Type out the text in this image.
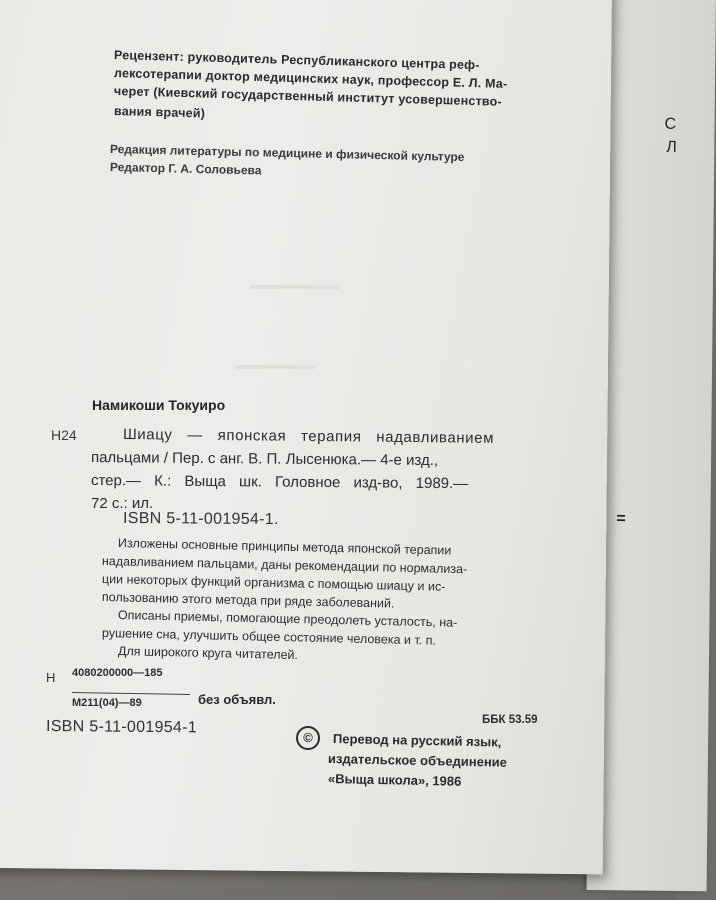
С
Л
=
Рецензент: руководитель Республиканского центра реф-
лексотерапии доктор медицинских наук, профессор Е. Л. Ма-
черет (Киевский государственный институт усовершенство-
вания врачей)
Редакция литературы по медицине и физической культуре
Редактор Г. А. Соловьева
Намикоши Токуиро
Н24	Шиацу — японская терапия надавливанием
пальцами / Пер. с анг. В. П. Лысенюка.— 4-е изд.,
стер.— К.: Выща шк. Головное изд-во, 1989.—
72 с.: ил.
ISBN 5-11-001954-1.
Изложены основные принципы метода японской терапии
надавливанием пальцами, даны рекомендации по нормализа-
ции некоторых функций организма с помощью шиацу и ис-
пользованию этого метода при ряде заболеваний.
Описаны приемы, помогающие преодолеть усталость, на-
рушение сна, улучшить общее состояние человека и т. п.
Для широкого круга читателей.
Н 4080200000—185
М211(04)—89	без объявл.
ББК 53.59
ISBN 5-11-001954-1
©	Перевод на русский язык,
издательское объединение
«Выща школа», 1986
